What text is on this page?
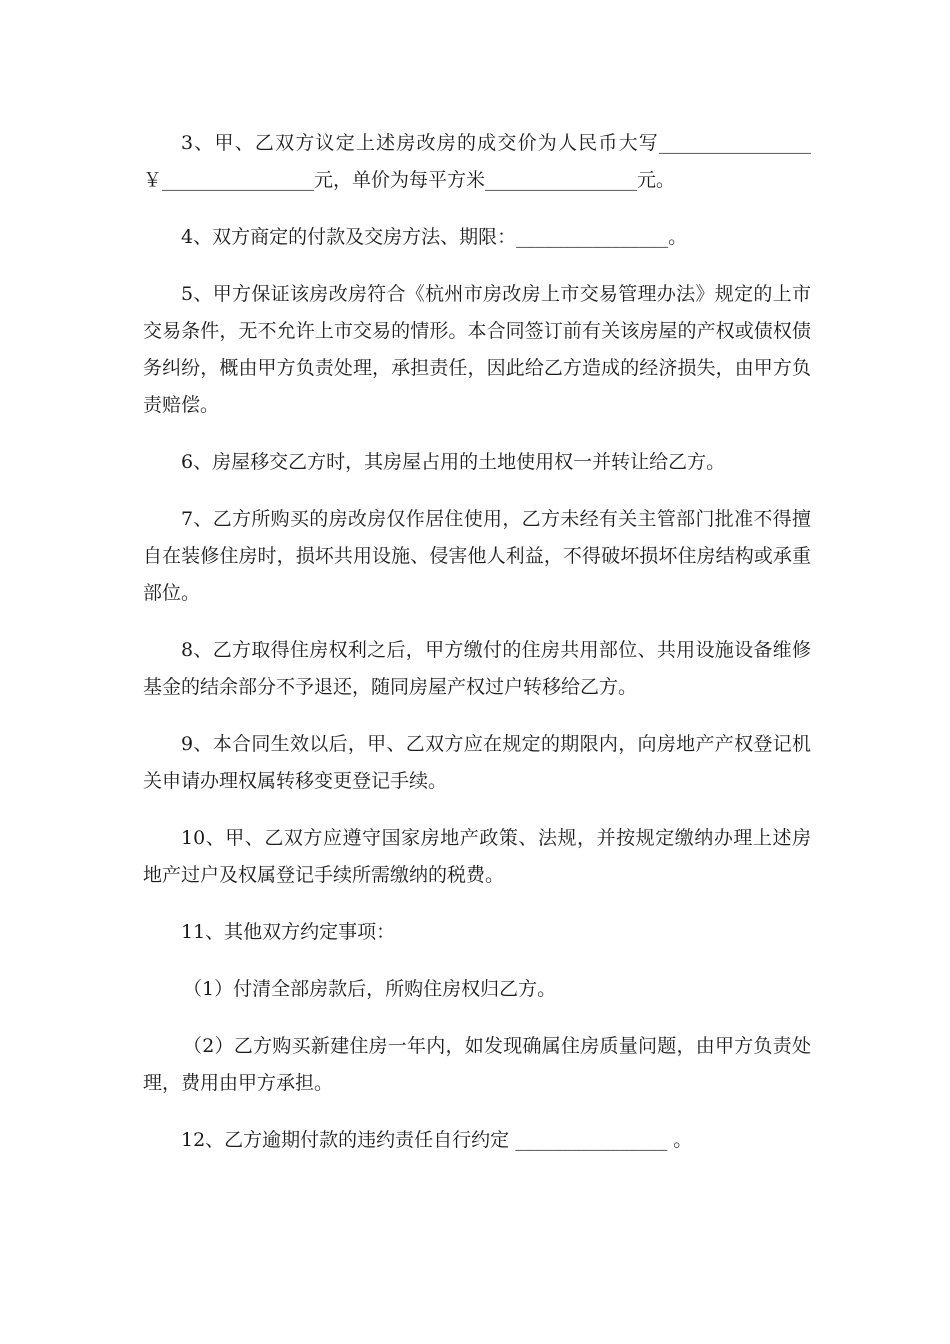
3、甲、乙双方议定上述房改房的成交价为人民币大写________________ ￥________________元，单价为每平方米________________元。

4、双方商定的付款及交房方法、期限：________________。

5、甲方保证该房改房符合《杭州市房改房上市交易管理办法》规定的上市交易条件，无不允许上市交易的情形。本合同签订前有关该房屋的产权或债权债务纠纷，概由甲方负责处理，承担责任，因此给乙方造成的经济损失，由甲方负责赔偿。

6、房屋移交乙方时，其房屋占用的土地使用权一并转让给乙方。

7、乙方所购买的房改房仅作居住使用，乙方未经有关主管部门批准不得擅自在装修住房时，损坏共用设施、侵害他人利益，不得破坏损坏住房结构或承重部位。

8、乙方取得住房权利之后，甲方缴付的住房共用部位、共用设施设备维修基金的结余部分不予退还，随同房屋产权过户转移给乙方。

9、本合同生效以后，甲、乙双方应在规定的期限内，向房地产产权登记机关申请办理权属转移变更登记手续。

10、甲、乙双方应遵守国家房地产政策、法规，并按规定缴纳办理上述房地产过户及权属登记手续所需缴纳的税费。

11、其他双方约定事项：

（1）付清全部房款后，所购住房权归乙方。

（2）乙方购买新建住房一年内，如发现确属住房质量问题，由甲方负责处理，费用由甲方承担。

12、乙方逾期付款的违约责任自行约定 ________________ 。
